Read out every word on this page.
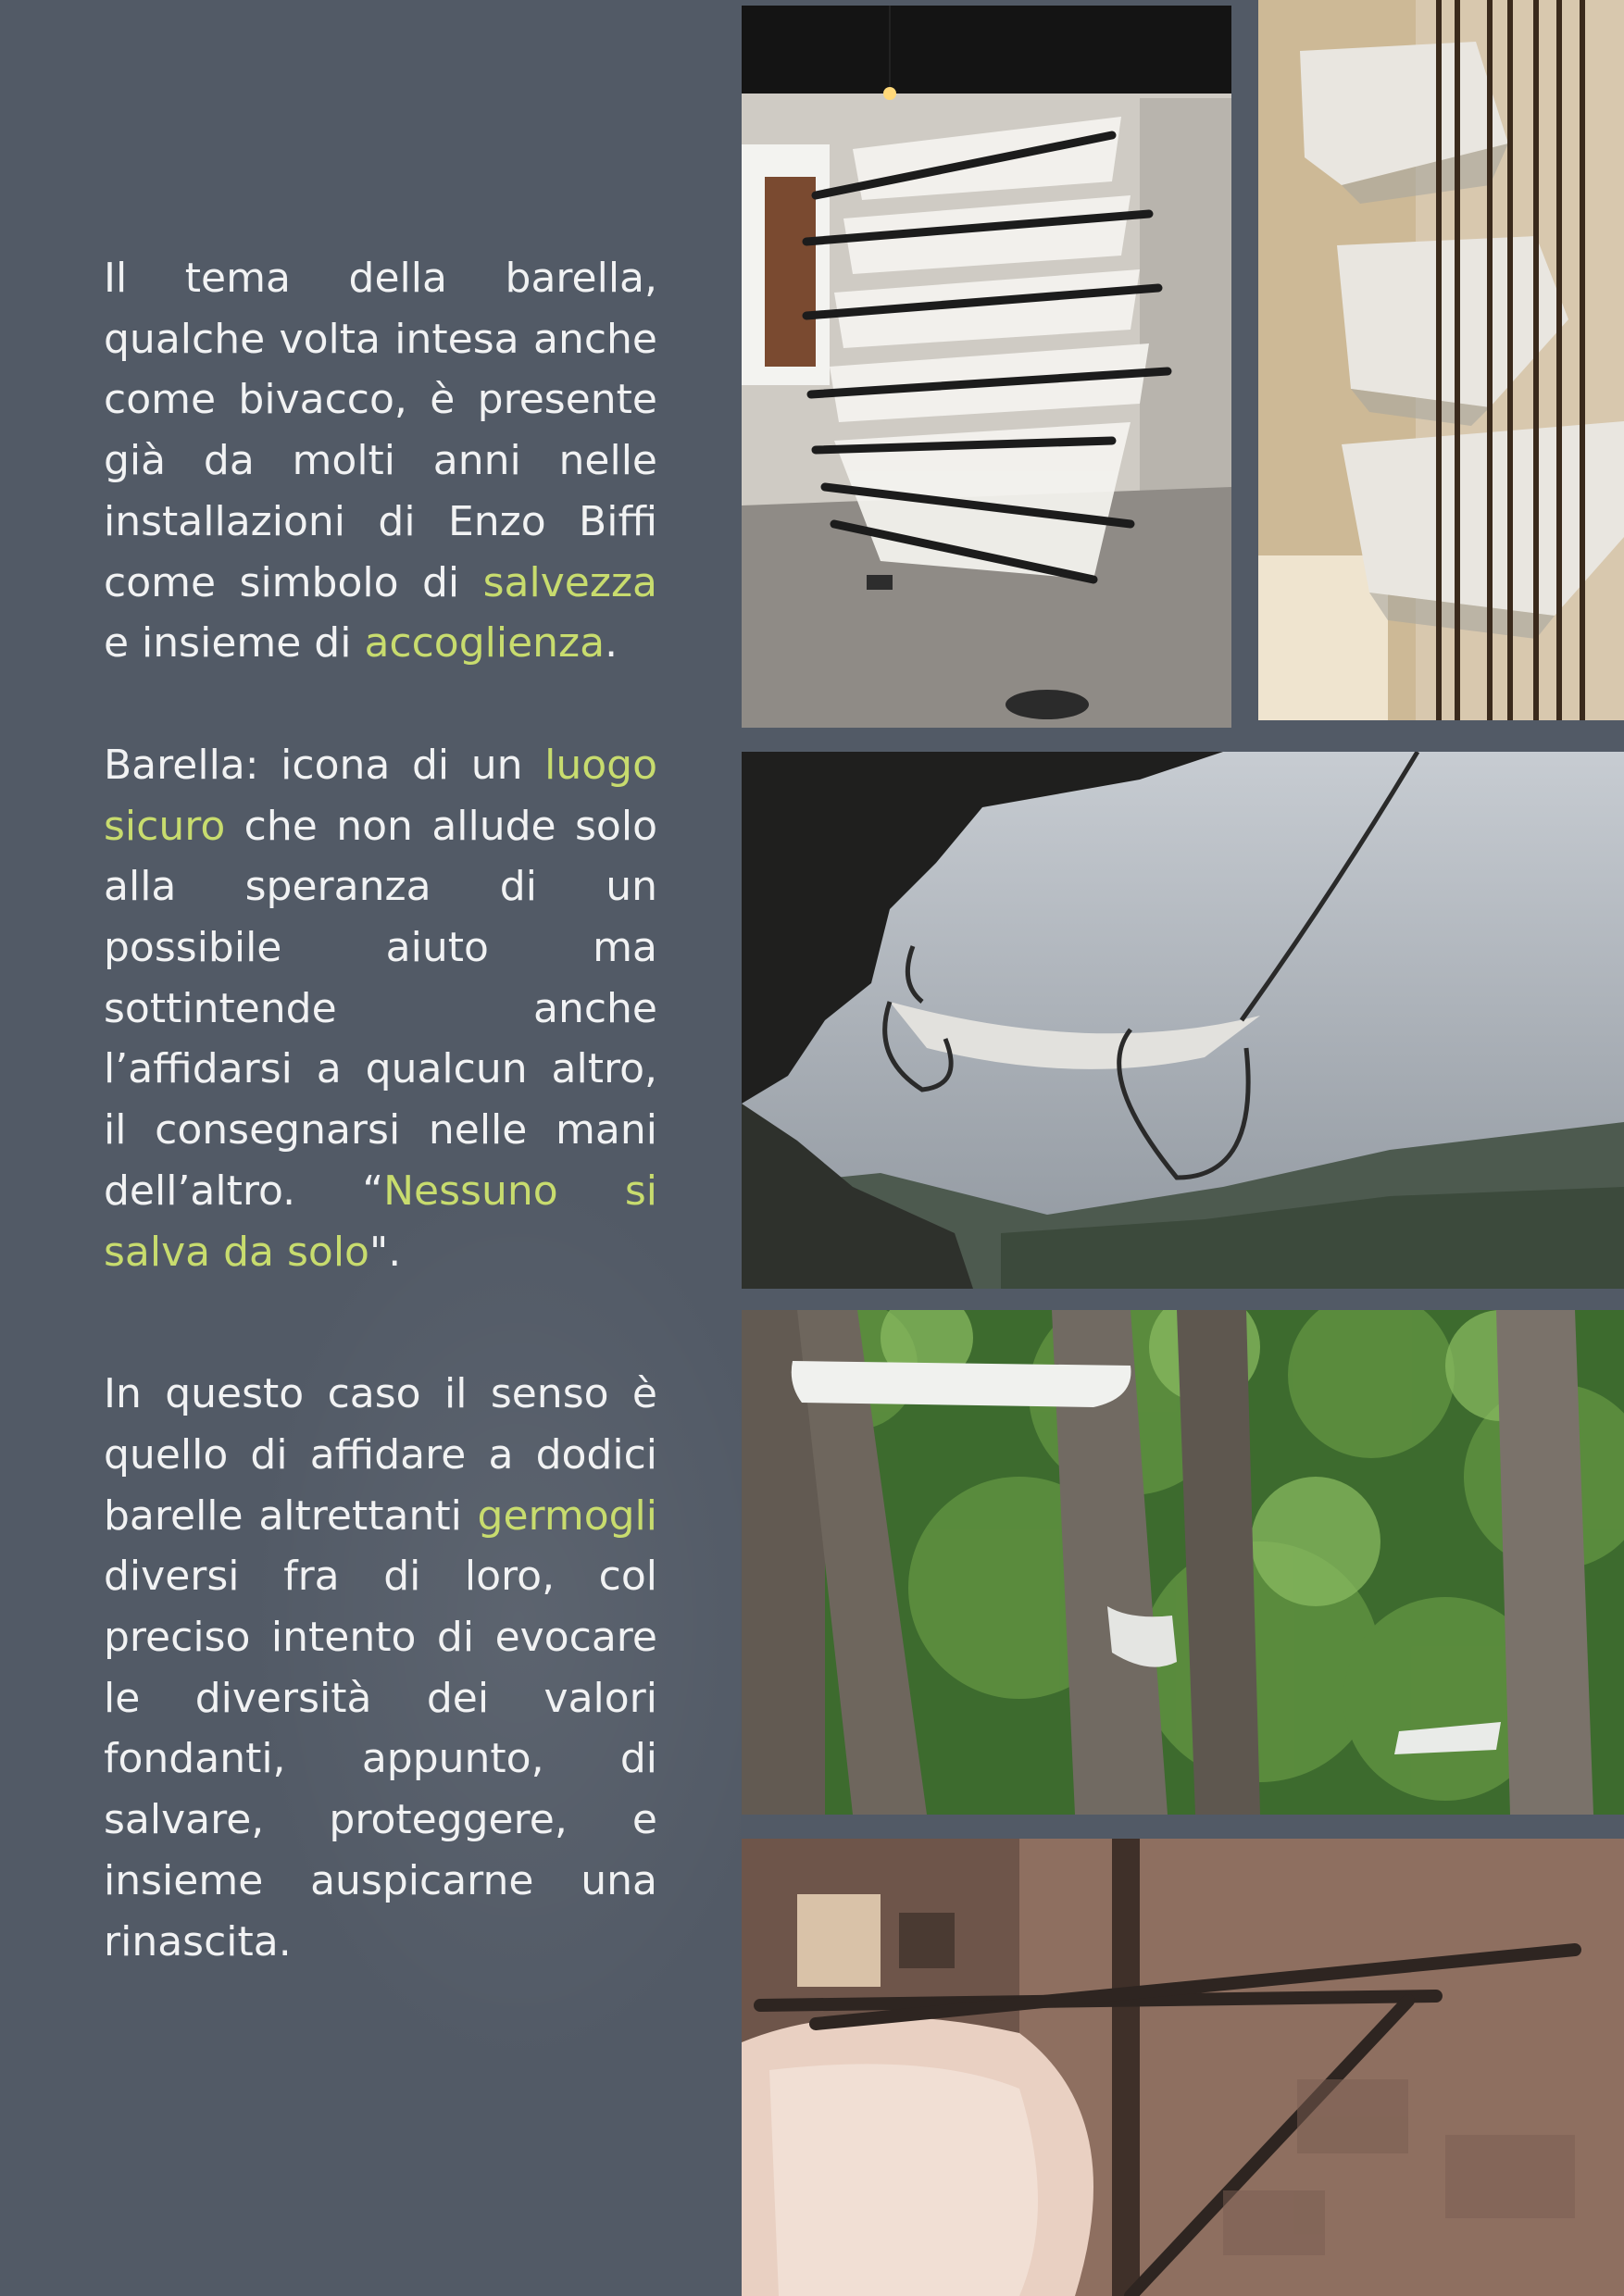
Il tema della barella, qualche volta intesa anche come bivacco, è presente già da molti anni nelle installazioni di Enzo Biffi come simbolo di salvezza e insieme di accoglienza.

Barella: icona di un luogo sicuro che non allude solo alla speranza di un possibile aiuto ma sottintende anche l’affidarsi a qualcun altro, il consegnarsi nelle mani dell’altro. “Nessuno si salva da solo".

In questo caso il senso è quello di affidare a dodici barelle altrettanti germogli diversi fra di loro, col preciso intento di evocare le diversità dei valori fondanti, appunto, di salvare, proteggere, e insieme auspicarne una rinascita.
